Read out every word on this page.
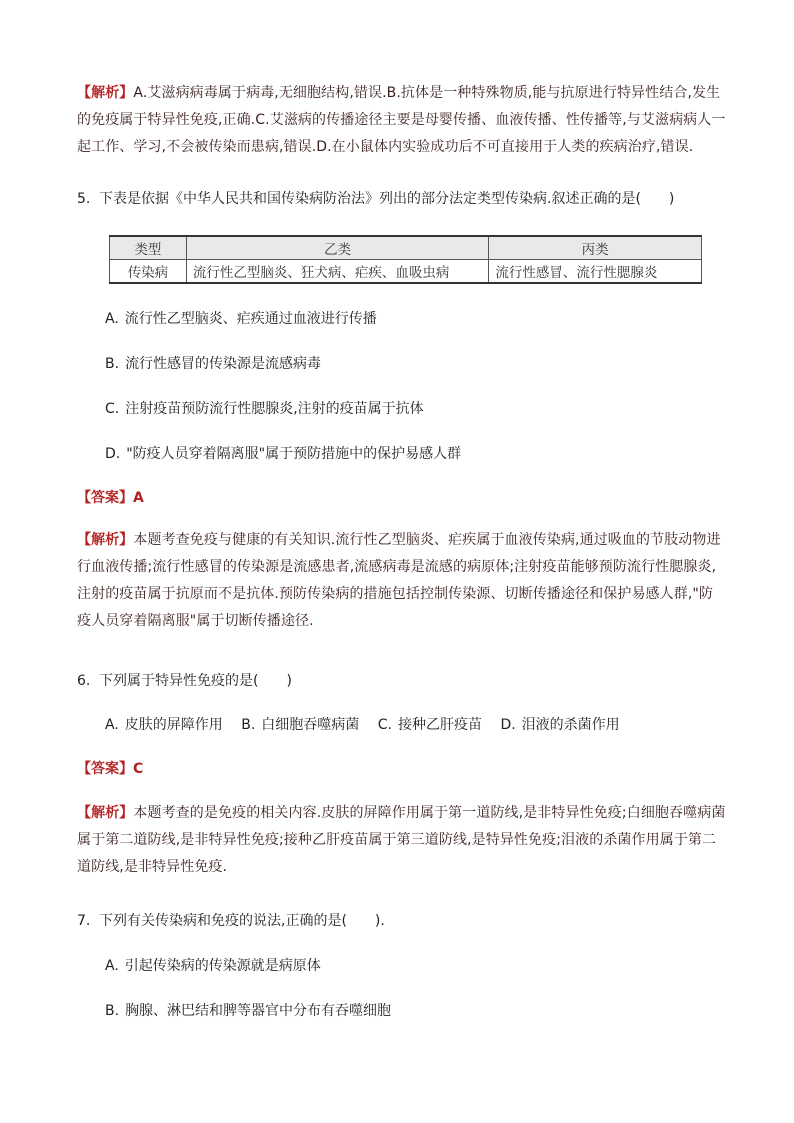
【解析】A.艾滋病病毒属于病毒,无细胞结构,错误.B.抗体是一种特殊物质,能与抗原进行特异性结合,发生的免疫属于特异性免疫,正确.C.艾滋病的传播途径主要是母婴传播、血液传播、性传播等,与艾滋病病人一起工作、学习,不会被传染而患病,错误.D.在小鼠体内实验成功后不可直接用于人类的疾病治疗,错误.
5. 下表是依据《中华人民共和国传染病防治法》列出的部分法定类型传染病.叙述正确的是(　　)
类型	乙类	丙类
传染病	流行性乙型脑炎、狂犬病、疟疾、血吸虫病	流行性感冒、流行性腮腺炎
A. 流行性乙型脑炎、疟疾通过血液进行传播
B. 流行性感冒的传染源是流感病毒
C. 注射疫苗预防流行性腮腺炎,注射的疫苗属于抗体
D. "防疫人员穿着隔离服"属于预防措施中的保护易感人群
【答案】A
【解析】本题考查免疫与健康的有关知识.流行性乙型脑炎、疟疾属于血液传染病,通过吸血的节肢动物进行血液传播;流行性感冒的传染源是流感患者,流感病毒是流感的病原体;注射疫苗能够预防流行性腮腺炎,注射的疫苗属于抗原而不是抗体.预防传染病的措施包括控制传染源、切断传播途径和保护易感人群,"防疫人员穿着隔离服"属于切断传播途径.
6. 下列属于特异性免疫的是(　　)
A. 皮肤的屏障作用 B. 白细胞吞噬病菌 C. 接种乙肝疫苗 D. 泪液的杀菌作用
【答案】C
【解析】本题考查的是免疫的相关内容.皮肤的屏障作用属于第一道防线,是非特异性免疫;白细胞吞噬病菌属于第二道防线,是非特异性免疫;接种乙肝疫苗属于第三道防线,是特异性免疫;泪液的杀菌作用属于第二道防线,是非特异性免疫.
7. 下列有关传染病和免疫的说法,正确的是(　　).
A. 引起传染病的传染源就是病原体
B. 胸腺、淋巴结和脾等器官中分布有吞噬细胞
